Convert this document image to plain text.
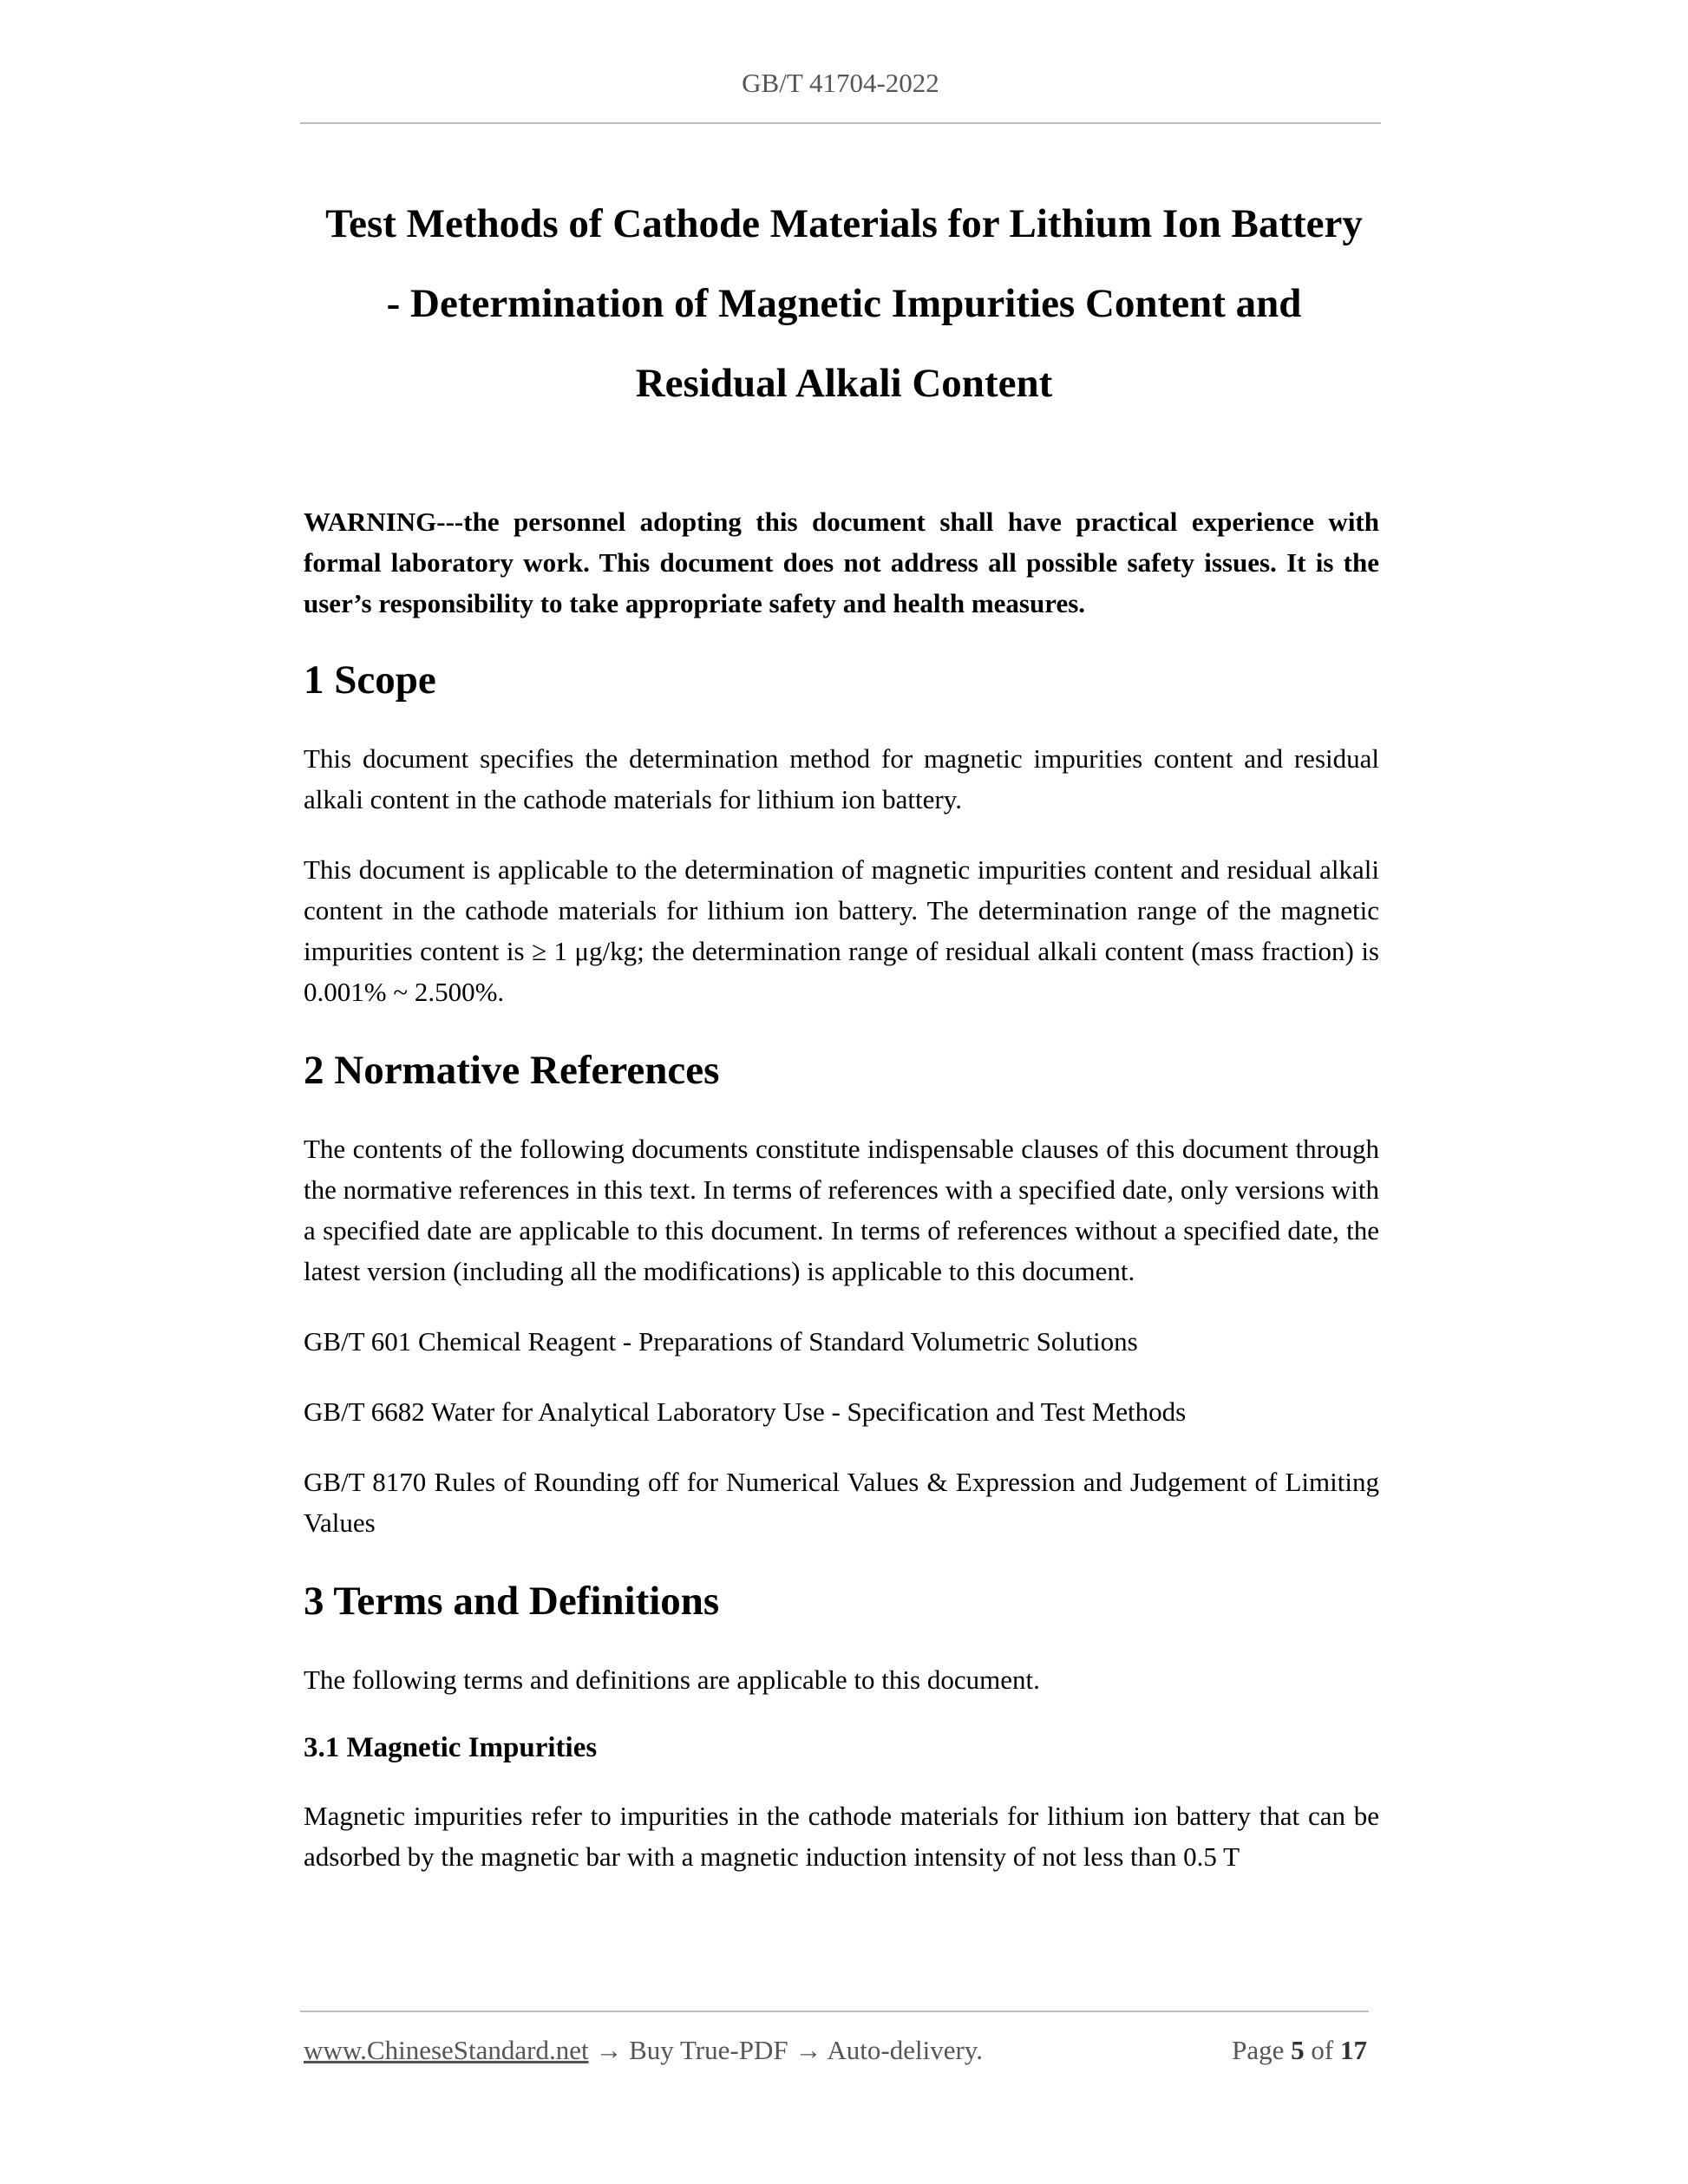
GB/T 41704-2022
Test Methods of Cathode Materials for Lithium Ion Battery
- Determination of Magnetic Impurities Content and
Residual Alkali Content

WARNING---the personnel adopting this document shall have practical experience with formal laboratory work. This document does not address all possible safety issues. It is the user’s responsibility to take appropriate safety and health measures.

1 Scope

This document specifies the determination method for magnetic impurities content and residual alkali content in the cathode materials for lithium ion battery.

This document is applicable to the determination of magnetic impurities content and residual alkali content in the cathode materials for lithium ion battery. The determination range of the magnetic impurities content is ≥ 1 μg/kg; the determination range of residual alkali content (mass fraction) is 0.001% ~ 2.500%.

2 Normative References

The contents of the following documents constitute indispensable clauses of this document through the normative references in this text. In terms of references with a specified date, only versions with a specified date are applicable to this document. In terms of references without a specified date, the latest version (including all the modifications) is applicable to this document.

GB/T 601 Chemical Reagent - Preparations of Standard Volumetric Solutions

GB/T 6682 Water for Analytical Laboratory Use - Specification and Test Methods

GB/T 8170 Rules of Rounding off for Numerical Values & Expression and Judgement of Limiting Values

3 Terms and Definitions

The following terms and definitions are applicable to this document.

3.1 Magnetic Impurities

Magnetic impurities refer to impurities in the cathode materials for lithium ion battery that can be adsorbed by the magnetic bar with a magnetic induction intensity of not less than 0.5 T

www.ChineseStandard.net → Buy True-PDF → Auto-delivery.	Page 5 of 17
